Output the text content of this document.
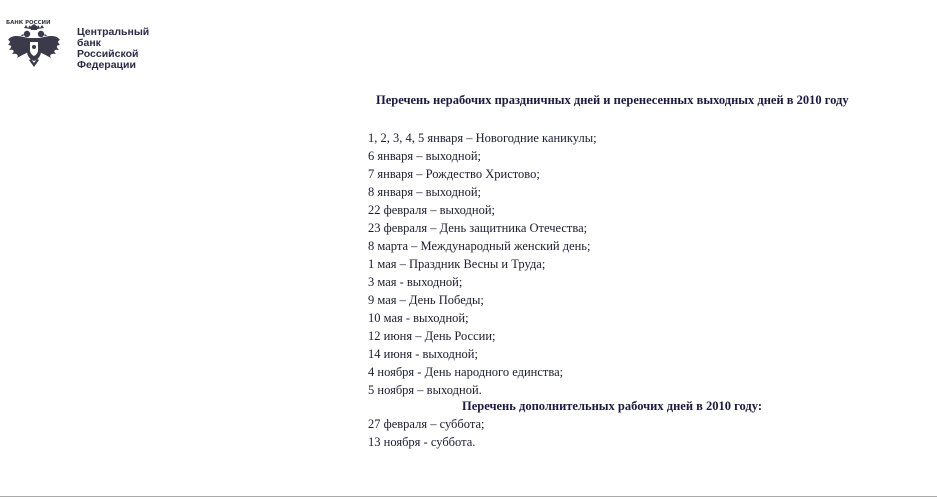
БАНК РОССИИ
Центральный
банк
Российской
Федерации
Перечень нерабочих праздничных дней и перенесенных выходных дней в 2010 году
1, 2, 3, 4, 5 января – Новогодние каникулы;
6 января – выходной;
7 января – Рождество Христово;
8 января – выходной;
22 февраля – выходной;
23 февраля – День защитника Отечества;
8 марта – Международный женский день;
1 мая – Праздник Весны и Труда;
3 мая - выходной;
9 мая – День Победы;
10 мая - выходной;
12 июня – День России;
14 июня - выходной;
4 ноября - День народного единства;
5 ноября – выходной.
Перечень дополнительных рабочих дней в 2010 году:
27 февраля – суббота;
13 ноября - суббота.
